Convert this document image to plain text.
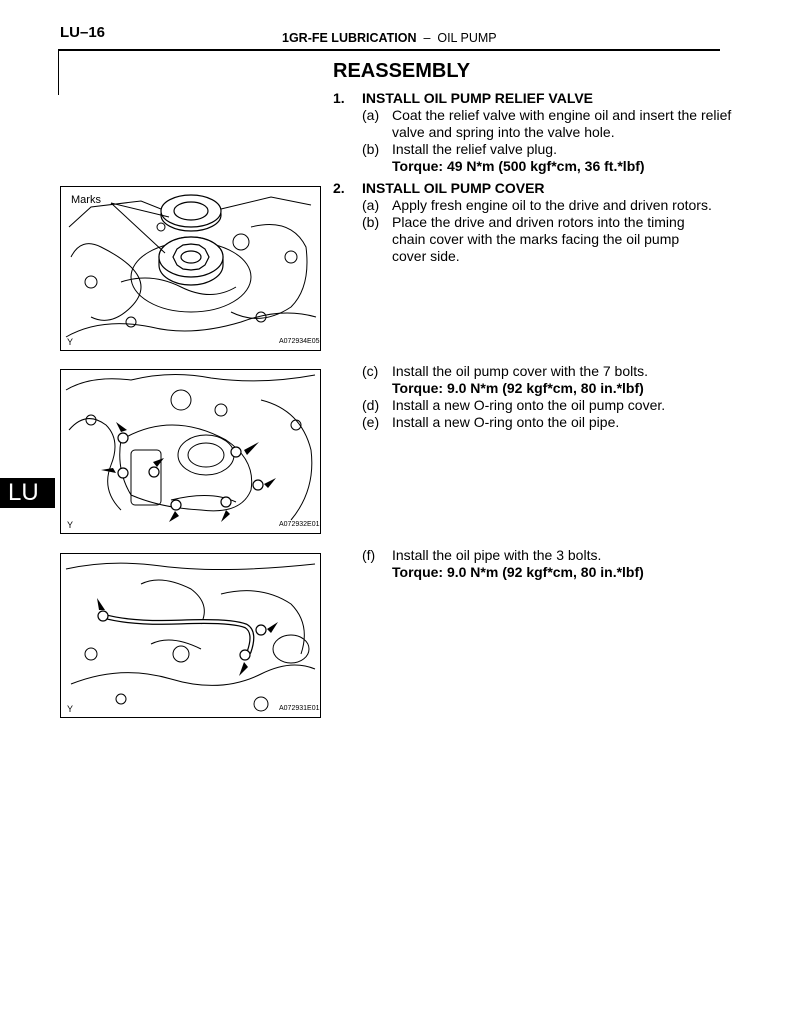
LU–16	1GR-FE LUBRICATION – OIL PUMP
REASSEMBLY
1. INSTALL OIL PUMP RELIEF VALVE
(a) Coat the relief valve with engine oil and insert the relief valve and spring into the valve hole.
(b) Install the relief valve plug.
Torque: 49 N*m (500 kgf*cm, 36 ft.*lbf)
2. INSTALL OIL PUMP COVER
(a) Apply fresh engine oil to the drive and driven rotors.
(b) Place the drive and driven rotors into the timing chain cover with the marks facing the oil pump cover side.
(c) Install the oil pump cover with the 7 bolts.
Torque: 9.0 N*m (92 kgf*cm, 80 in.*lbf)
(d) Install a new O-ring onto the oil pump cover.
(e) Install a new O-ring onto the oil pipe.
(f) Install the oil pipe with the 3 bolts.
Torque: 9.0 N*m (92 kgf*cm, 80 in.*lbf)
Marks
Y	A072934E05
Y	A072932E01
Y	A072931E01
LU
